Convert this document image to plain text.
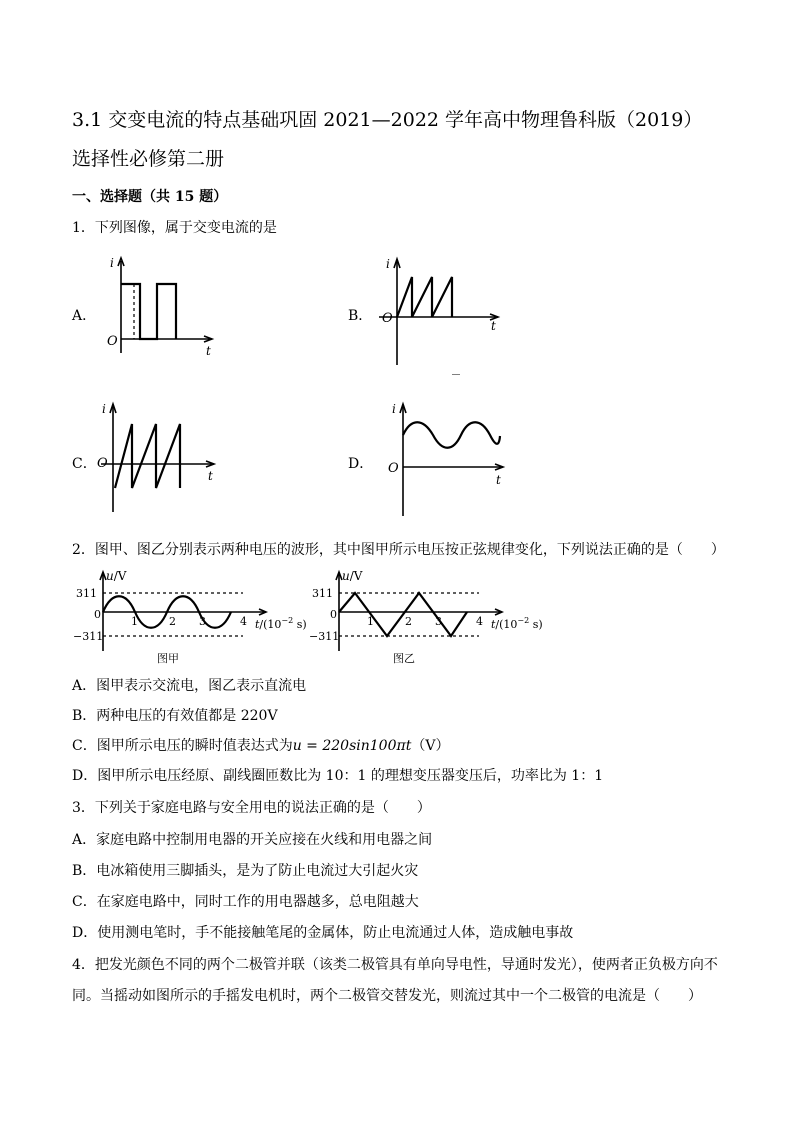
3.1 交变电流的特点基础巩固 2021—2022 学年高中物理鲁科版（2019）
选择性必修第二册
一、选择题（共 15 题）
1．下列图像，属于交变电流的是
A．	B．
C．	D．
i
t
O
i
t
O
i
t
O
i
t
O
2．图甲、图乙分别表示两种电压的波形，其中图甲所示电压按正弦规律变化，下列说法正确的是（　　）
u/V
311
−311
0
1	2 3	4 $t/(10^{-2}$ s)
图甲
u/V
311
−311
0
1	2 3	4 $t/(10^{-2}$ s)
图乙
A．图甲表示交流电，图乙表示直流电
B．两种电压的有效值都是 220V
C．图甲所示电压的瞬时值表达式为u = 220sin100πt（V）
D．图甲所示电压经原、副线圈匝数比为 10：1 的理想变压器变压后，功率比为 1：1
3．下列关于家庭电路与安全用电的说法正确的是（　　）
A．家庭电路中控制用电器的开关应接在火线和用电器之间
B．电冰箱使用三脚插头，是为了防止电流过大引起火灾
C．在家庭电路中，同时工作的用电器越多，总电阻越大
D．使用测电笔时，手不能接触笔尾的金属体，防止电流通过人体，造成触电事故
4．把发光颜色不同的两个二极管并联（该类二极管具有单向导电性，导通时发光），使两者正负极方向不
同。当摇动如图所示的手摇发电机时，两个二极管交替发光，则流过其中一个二极管的电流是（　　）
